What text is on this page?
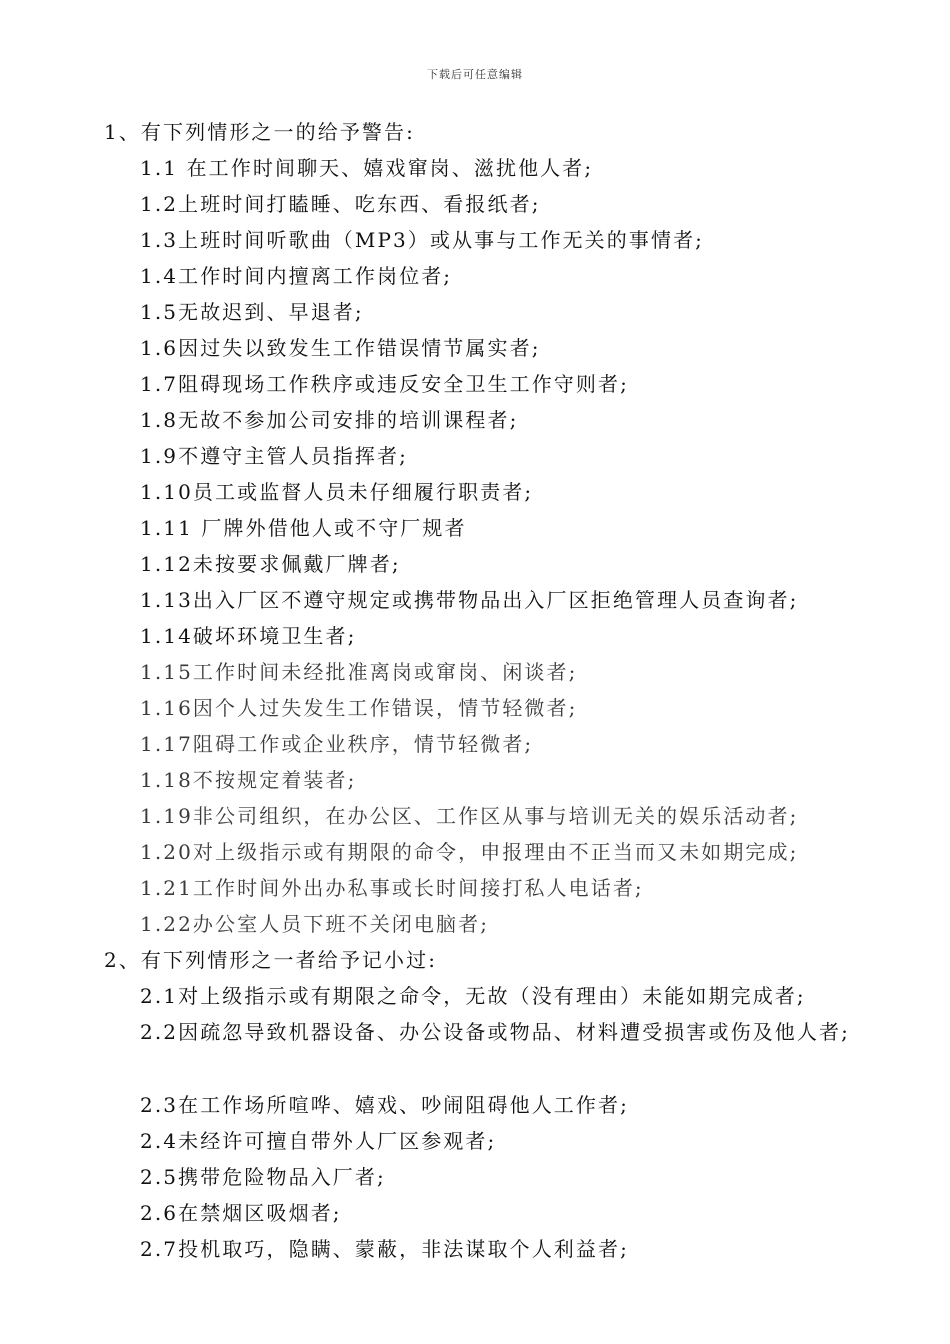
下载后可任意编辑
1、有下列情形之一的给予警告:
1.1 在工作时间聊天、嬉戏窜岗、滋扰他人者;
1.2上班时间打瞌睡、吃东西、看报纸者;
1.3上班时间听歌曲（MP3）或从事与工作无关的事情者;
1.4工作时间内擅离工作岗位者;
1.5无故迟到、早退者;
1.6因过失以致发生工作错误情节属实者;
1.7阻碍现场工作秩序或违反安全卫生工作守则者;
1.8无故不参加公司安排的培训课程者;
1.9不遵守主管人员指挥者;
1.10员工或监督人员未仔细履行职责者;
1.11 厂牌外借他人或不守厂规者
1.12未按要求佩戴厂牌者;
1.13出入厂区不遵守规定或携带物品出入厂区拒绝管理人员查询者;
1.14破坏环境卫生者;
1.15工作时间未经批准离岗或窜岗、闲谈者;
1.16因个人过失发生工作错误，情节轻微者;
1.17阻碍工作或企业秩序，情节轻微者;
1.18不按规定着装者;
1.19非公司组织，在办公区、工作区从事与培训无关的娱乐活动者;
1.20对上级指示或有期限的命令，申报理由不正当而又未如期完成;
1.21工作时间外出办私事或长时间接打私人电话者;
1.22办公室人员下班不关闭电脑者;
2、有下列情形之一者给予记小过:
2.1对上级指示或有期限之命令，无故（没有理由）未能如期完成者;
2.2因疏忽导致机器设备、办公设备或物品、材料遭受损害或伤及他人者;
2.3在工作场所喧哗、嬉戏、吵闹阻碍他人工作者;
2.4未经许可擅自带外人厂区参观者;
2.5携带危险物品入厂者;
2.6在禁烟区吸烟者;
2.7投机取巧，隐瞒、蒙蔽，非法谋取个人利益者;
